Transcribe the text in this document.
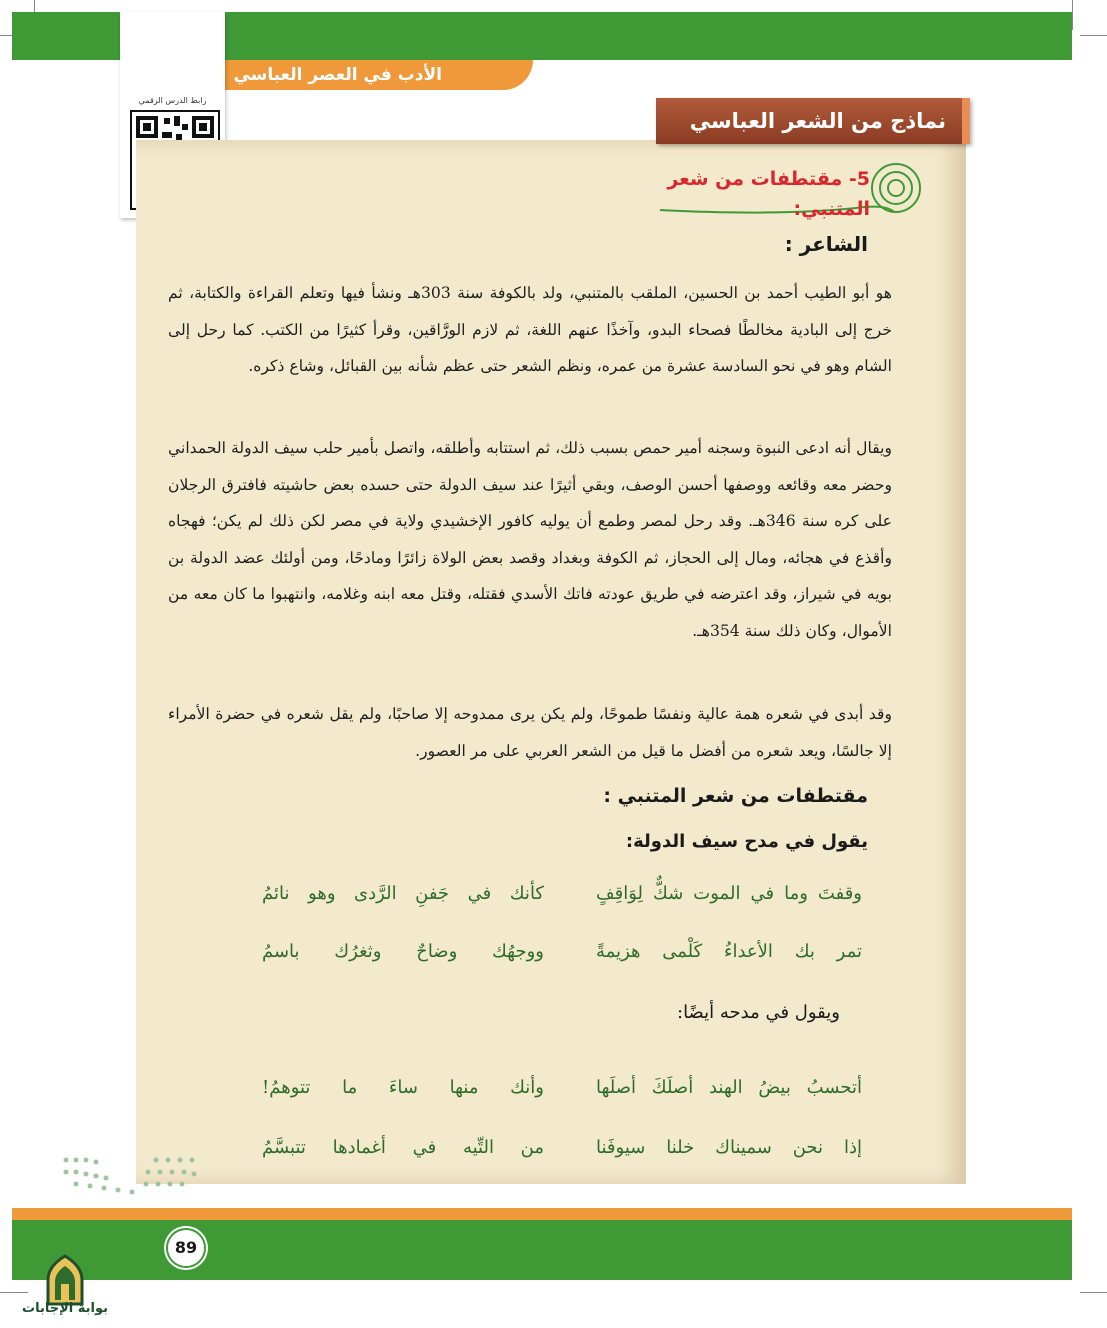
الأدب في العصر العباسي
رابط الدرس الرقمي
نماذج من الشعر العباسي
5- مقتطفات من شعر المتنبي:
الشاعر :

هو أبو الطيب أحمد بن الحسين، الملقب بالمتنبي، ولد بالكوفة سنة 303هـ ونشأ فيها وتعلم القراءة والكتابة، ثم خرج إلى البادية مخالطًا فصحاء البدو، وآخذًا عنهم اللغة، ثم لازم الورَّاقين، وقرأ كثيرًا من الكتب. كما رحل إلى الشام وهو في نحو السادسة عشرة من عمره، ونظم الشعر حتى عظم شأنه بين القبائل، وشاع ذكره.

ويقال أنه ادعى النبوة وسجنه أمير حمص بسبب ذلك، ثم استتابه وأطلقه، واتصل بأمير حلب سيف الدولة الحمداني وحضر معه وقائعه ووصفها أحسن الوصف، وبقي أثيرًا عند سيف الدولة حتى حسده بعض حاشيته فافترق الرجلان على كره سنة 346هـ. وقد رحل لمصر وطمع أن يوليه كافور الإخشيدي ولاية في مصر لكن ذلك لم يكن؛ فهجاه وأقذع في هجائه، ومال إلى الحجاز، ثم الكوفة وبغداد وقصد بعض الولاة زائرًا ومادحًا، ومن أولئك عضد الدولة بن بويه في شيراز، وقد اعترضه في طريق عودته فاتك الأسدي فقتله، وقتل معه ابنه وغلامه، وانتهبوا ما كان معه من الأموال، وكان ذلك سنة 354هـ.

وقد أبدى في شعره همة عالية ونفسًا طموحًا، ولم يكن يرى ممدوحه إلا صاحبًا، ولم يقل شعره في حضرة الأمراء إلا جالسًا، ويعد شعره من أفضل ما قيل من الشعر العربي على مر العصور.

مقتطفات من شعر المتنبي :
يقول في مدح سيف الدولة:
وقفتَ وما في الموت شكٌّ لِوَاقِفٍ
كأنك في جَفنِ الرَّدى وهو نائمُ
تمر بك الأعداءُ كَلْمى هزيمةً
ووجهُك وضاحٌ وثغرُك باسمُ
ويقول في مدحه أيضًا:
أتحسبُ بيضُ الهند أصلَكَ أصلَها
وأنك منها ساءَ ما تتوهمُ!
إذا نحن سميناك خلنا سيوفَنا
من التِّيه في أغمادها تتبسَّمُ
89
بوابة الإجابات
